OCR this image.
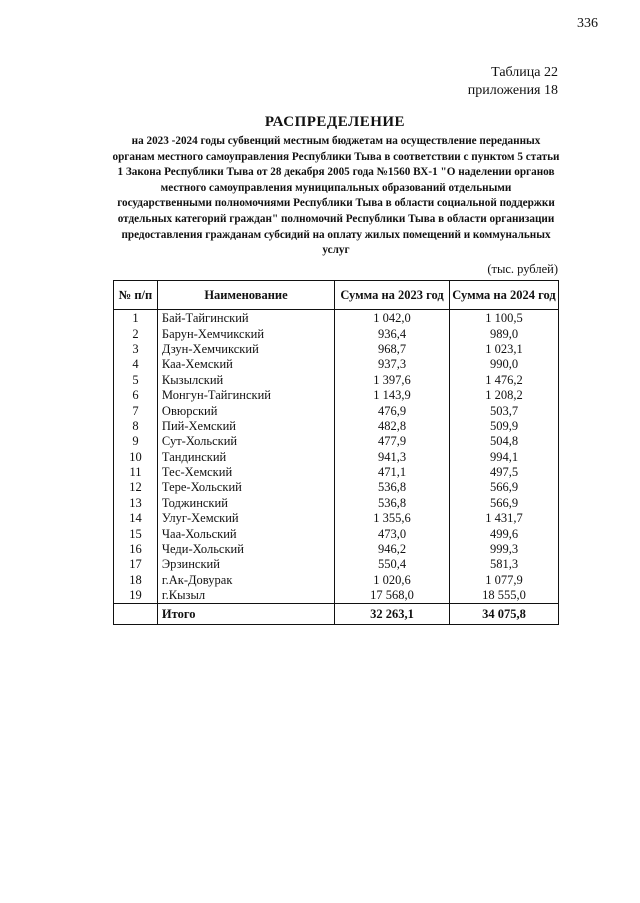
336
Таблица 22
приложения 18
РАСПРЕДЕЛЕНИЕ
на 2023 -2024 годы субвенций местным бюджетам на осуществление переданных органам местного самоуправления Республики Тыва в соответствии с пунктом 5 статьи 1 Закона Республики Тыва от 28 декабря 2005 года №1560 ВХ-1 "О наделении органов местного самоуправления муниципальных образований отдельными государственными полномочиями Республики Тыва в области социальной поддержки отдельных категорий граждан" полномочий Республики Тыва в области организации предоставления гражданам субсидий на оплату жилых помещений и коммунальных услуг
(тыс. рублей)
№ п/п	Наименование	Сумма на 2023 год	Сумма на 2024 год
1	Бай-Тайгинский	1 042,0	1 100,5
2	Барун-Хемчикский	936,4	989,0
3	Дзун-Хемчикский	968,7	1 023,1
4	Каа-Хемский	937,3	990,0
5	Кызылский	1 397,6	1 476,2
6	Монгун-Тайгинский	1 143,9	1 208,2
7	Овюрский	476,9	503,7
8	Пий-Хемский	482,8	509,9
9	Сут-Хольский	477,9	504,8
10	Тандинский	941,3	994,1
11	Тес-Хемский	471,1	497,5
12	Тере-Хольский	536,8	566,9
13	Тоджинский	536,8	566,9
14	Улуг-Хемский	1 355,6	1 431,7
15	Чаа-Хольский	473,0	499,6
16	Чеди-Хольский	946,2	999,3
17	Эрзинский	550,4	581,3
18	г.Ак-Довурак	1 020,6	1 077,9
19	г.Кызыл	17 568,0	18 555,0
	Итого	32 263,1	34 075,8
